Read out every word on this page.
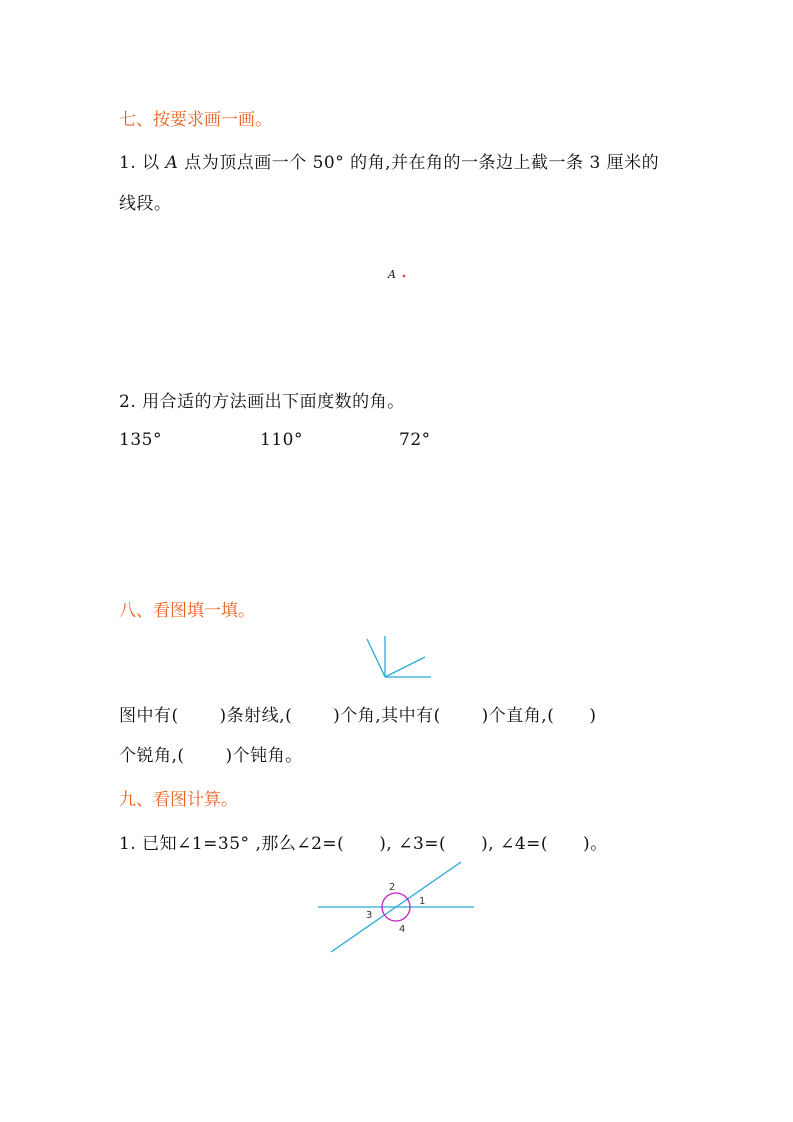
七、按要求画一画。
1. 以 A 点为顶点画一个 50° 的角,并在角的一条边上截一条 3 厘米的
线段。
A
2. 用合适的方法画出下面度数的角。
135°	110°	72°
八、看图填一填。
图中有(　　 )条射线,(　　 )个角,其中有(　　 )个直角,(　　)
个锐角,(　　 )个钝角。
九、看图计算。
1. 已知∠1=35° ,那么∠2=(　　), ∠3=(　　), ∠4=(　　)。
1
2
3
4
